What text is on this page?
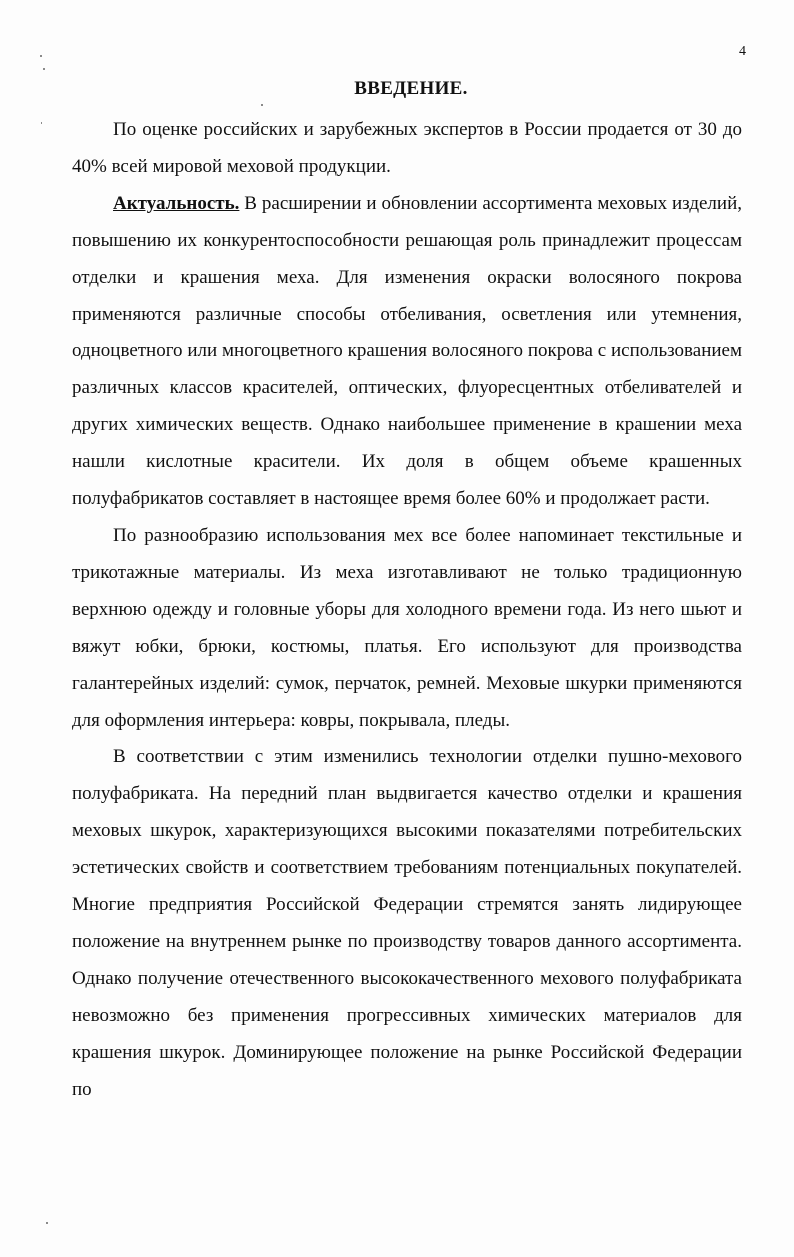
4
ВВЕДЕНИЕ.

По оценке российских и зарубежных экспертов в России продается от 30 до 40% всей мировой меховой продукции.

Актуальность. В расширении и обновлении ассортимента меховых изделий, повышению их конкурентоспособности решающая роль принадлежит процессам отделки и крашения меха. Для изменения окраски волосяного покрова применяются различные способы отбеливания, осветления или утемнения, одноцветного или многоцветного крашения волосяного покрова с использованием различных классов красителей, оптических, флуоресцентных отбеливателей и других химических веществ. Однако наибольшее применение в крашении меха нашли кислотные красители. Их доля в общем объеме крашенных полуфабрикатов составляет в настоящее время более 60% и продолжает расти.

По разнообразию использования мех все более напоминает текстильные и трикотажные материалы. Из меха изготавливают не только традиционную верхнюю одежду и головные уборы для холодного времени года. Из него шьют и вяжут юбки, брюки, костюмы, платья. Его используют для производства галантерейных изделий: сумок, перчаток, ремней. Меховые шкурки применяются для оформления интерьера: ковры, покрывала, пледы.

В соответствии с этим изменились технологии отделки пушно-мехового полуфабриката. На передний план выдвигается качество отделки и крашения меховых шкурок, характеризующихся высокими показателями потребительских эстетических свойств и соответствием требованиям потенциальных покупателей. Многие предприятия Российской Федерации стремятся занять лидирующее положение на внутреннем рынке по производству товаров данного ассортимента. Однако получение отечественного высококачественного мехового полуфабриката невозможно без применения прогрессивных химических материалов для крашения шкурок. Доминирующее положение на рынке Российской Федерации по
